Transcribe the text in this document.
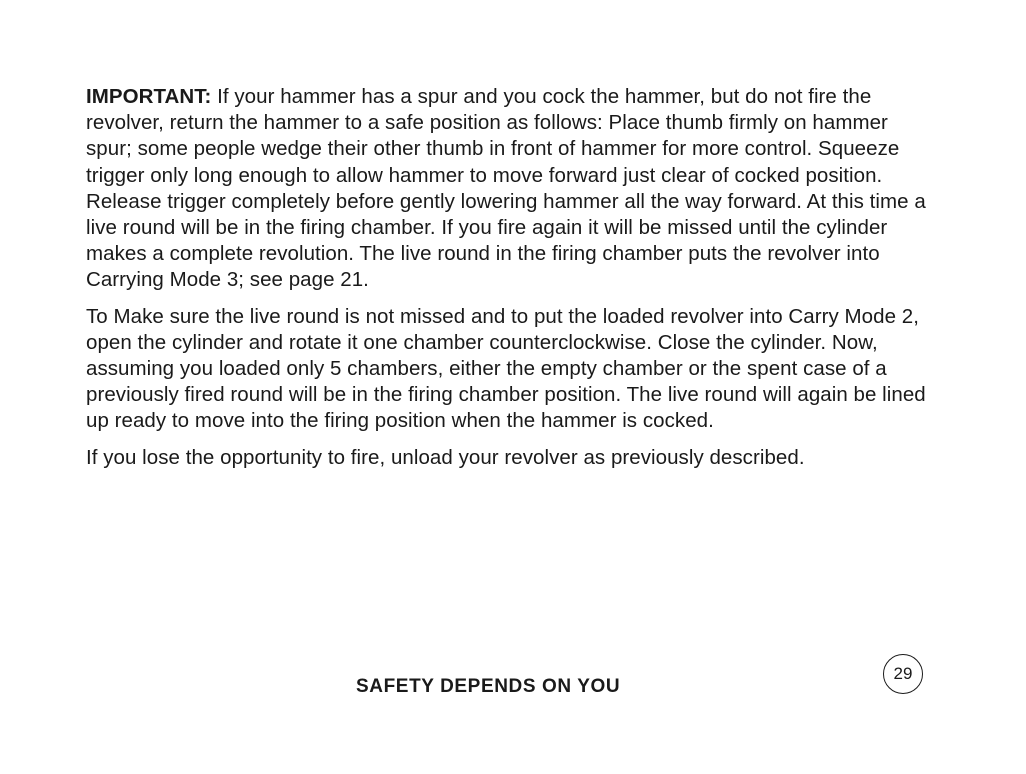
IMPORTANT: If your hammer has a spur and you cock the hammer, but do not fire the revolver, return the hammer to a safe position as follows: Place thumb firmly on hammer spur; some people wedge their other thumb in front of hammer for more control. Squeeze trigger only long enough to allow hammer to move forward just clear of cocked position. Release trigger completely before gently lowering hammer all the way forward. At this time a live round will be in the firing chamber. If you fire again it will be missed until the cylinder makes a complete revolution. The live round in the firing chamber puts the revolver into Carrying Mode 3; see page 21.

To Make sure the live round is not missed and to put the loaded revolver into Carry Mode 2, open the cylinder and rotate it one chamber counterclockwise. Close the cylinder. Now, assuming you loaded only 5 chambers, either the empty chamber or the spent case of a previously fired round will be in the firing chamber position. The live round will again be lined up ready to move into the firing position when the hammer is cocked.

If you lose the opportunity to fire, unload your revolver as previously described.

SAFETY DEPENDS ON YOU
29
